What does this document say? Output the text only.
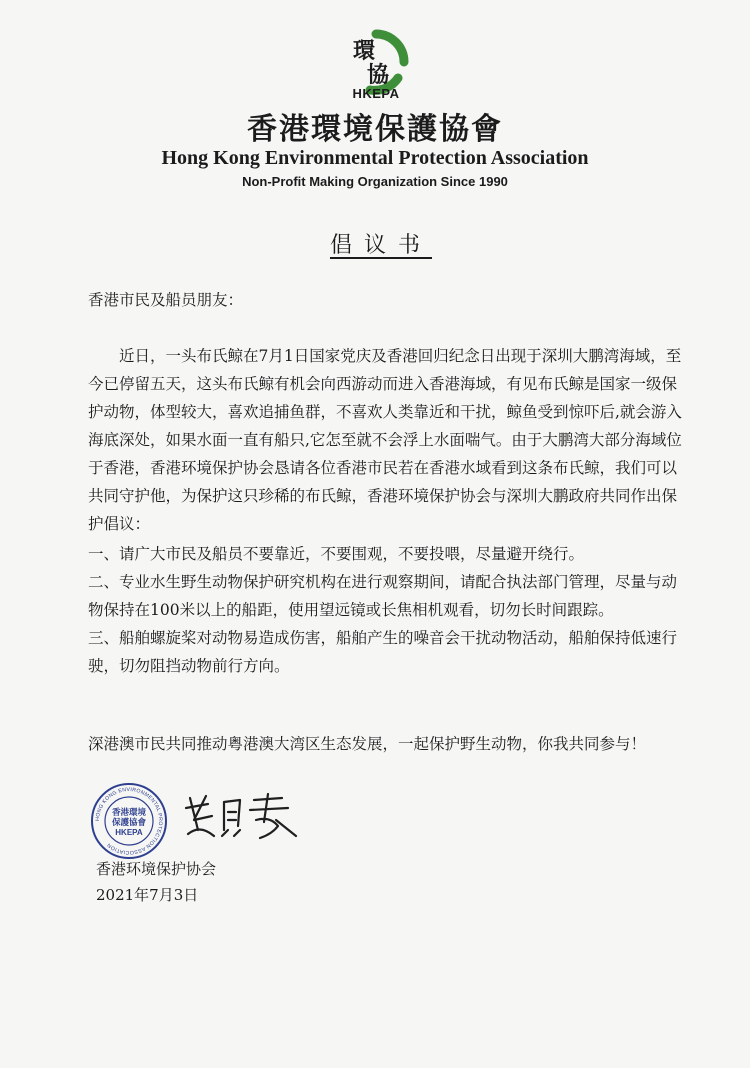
環
協
HKEPA
香港環境保護協會
Hong Kong Environmental Protection Association
Non-Profit Making Organization Since 1990
倡议书

香港市民及船员朋友：

近日，一头布氏鲸在7月1日国家党庆及香港回归纪念日出现于深圳大鹏湾海域，至今已停留五天，这头布氏鲸有机会向西游动而进入香港海域，有见布氏鲸是国家一级保护动物，体型较大，喜欢追捕鱼群，不喜欢人类靠近和干扰，鲸鱼受到惊吓后,就会游入海底深处，如果水面一直有船只,它怎至就不会浮上水面喘气。由于大鹏湾大部分海域位于香港，香港环境保护协会恳请各位香港市民若在香港水域看到这条布氏鲸，我们可以共同守护他，为保护这只珍稀的布氏鲸，香港环境保护协会与深圳大鹏政府共同作出保护倡议：

一、请广大市民及船员不要靠近，不要围观，不要投喂，尽量避开绕行。

二、专业水生野生动物保护研究机构在进行观察期间，请配合执法部门管理，尽量与动物保持在100米以上的船距，使用望远镜或长焦相机观看，切勿长时间跟踪。

三、船舶螺旋桨对动物易造成伤害，船舶产生的噪音会干扰动物活动，船舶保持低速行驶，切勿阻挡动物前行方向。

深港澳市民共同推动粤港澳大湾区生态发展，一起保护野生动物，你我共同参与！

HONG KONG ENVIRONMENTAL PROTECTION ASSOCIATION
香港環境
保護協會
HKEPA
香港环境保护协会
2021年7月3日
